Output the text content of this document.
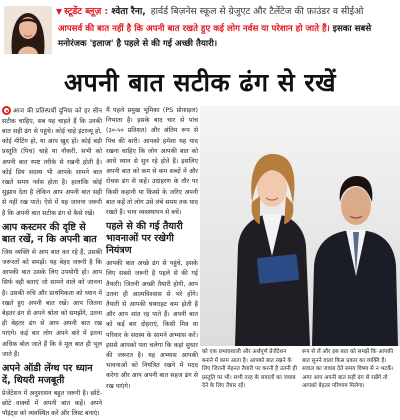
▼ स्टूडेंट ब्लूज़ : श्वेता रैना, हार्वर्ड बिज़नेस स्कूल से ग्रेजुएट और टैलेंटेज की फ़ाउंडर व सीईओ
आपसर्व की बात नहीं है कि अपनी बात रखते हुए कई लोग नर्वस या परेशान हो जाते हैं। इसका सबसे मनोरंजक 'इलाज' है पहले से की गई अच्छी तैयारी।
अपनी बात सटीक ढंग से रखें

आज की प्रतिस्पर्धी दुनिया को हर सीन सटीक चाहिए, सब यह चाहते हैं कि उनकी बात सही ढंग से पहुंचे। कोई चाहे इंटरव्यू हो, कोई मीटिंग हो, या आप खुद हों। कोई बड़ी प्रस्तुति (पिच) चाहे या नौकरी, सभी को अपनी बात स्पष्ट तरीके से रखनी होती है। कोई प्रिय सदस्य भी आपके सामने बात रखते समय नर्वस होता है। हालांकि कोई सुझाव देता है लेकिन आप अपनी बात सही से नहीं रख पाते। ऐसे में यह जानना जरूरी है कि अपनी बात सटीक ढंग से कैसे रखें।

आप कस्टमर की दृष्टि से बात रखें, न कि अपनी बात

जिस व्यक्ति से आप बात कर रहे हैं, उसकी जरूरतों को समझें। यह बेहद जरूरी है कि आपकी बात उसके लिए उपयोगी हो। आप सिर्फ वही बताएं जो सामने वाले को जानना है। उसकी रुचि और प्राथमिकता को ध्यान में रखते हुए अपनी बात रखें। आप जितना बेहतर ढंग से अपने श्रोता को समझेंगे, उतना ही बेहतर ढंग से आप अपनी बात रख पाएंगे। कई बार लोग अपने बारे में इतना अधिक बोल जाते हैं कि वे मूल बात ही भूल जाते हैं।

अपने ऑडी लेंग्थ पर ध्यान दें, थियरी मजबूती

प्रेजेंटेशन में अनुशासन बहुत जरूरी है। छोटे-छोटे वाक्यों में अपनी बात कहें। अपने पॉइंट्स को व्यवस्थित करें और लिस्ट बनाएं।

मैं पहले प्रमुख भूमिका (PS प्रोफ़ाइल) निभाता है। इसके बाद चार से पांच (३०-५० प्रतिशत) और अंतिम रूप से पिच की बारी। आपको हमेशा यह याद रखना चाहिए कि लोग आपकी बात को आधे ध्यान से सुन रहे होते हैं। इसलिए अपनी बात को कम से कम शब्दों में और रोचक ढंग से कहें। उदाहरण के तौर पर किसी कहानी या किस्से के जरिए अपनी बात कहें तो लोग उसे लंबे समय तक याद रखते हैं। भाव व्यवस्थापन से बचें।

पहले से की गई तैयारी भावनाओं पर रखेगी नियंत्रण

आपकी बात अच्छे ढंग से पहुंचे, इसके लिए सबसे जरूरी है पहले से की गई तैयारी। जितनी अच्छी तैयारी होगी, आप उतना ही आत्मविश्वास से भरे होंगे। तैयारी से आपकी घबराहट कम होती है और आप शांत रह पाते हैं। अपनी बात को कई बार दोहराएं, किसी मित्र या परिवार के सदस्य के सामने अभ्यास करें। इससे आपको पता चलेगा कि कहां सुधार की जरूरत है। यह अभ्यास आपकी भावनाओं को नियंत्रित रखने में मदद करेगा और आप अपनी बात सहज ढंग से रख पाएंगे।

को एक प्रभावशाली और अर्थपूर्ण प्रेजेंटेशन बनाने में काम आता है। आपको बात रखने के लिए जितनी मेहनत तैयारी पर करनी है उतनी ही प्रस्तुति पर भी। सभी तरह के सवालों का जवाब देने के लिए तैयार रहें।
रूप से लें और इस बात को समझें कि आपकी बात सुनने वाला किस प्रकार का व्यक्ति है। सवाल का जवाब देते समय विषय से न भटकें। अगर आप अपनी बात सही ढंग से रखेंगे तो आपको बेहतर परिणाम मिलेगा।
